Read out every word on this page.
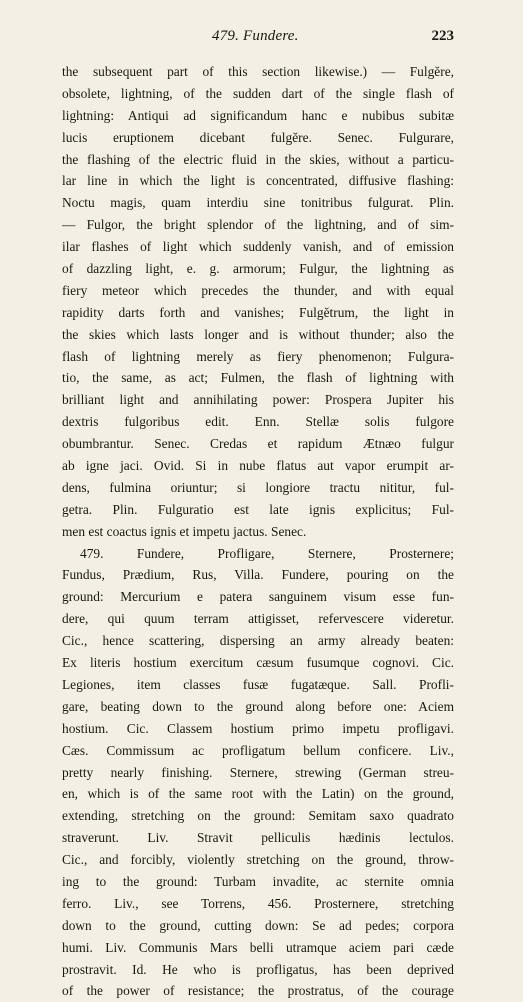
479. Fundere.	223
the subsequent part of this section likewise.) — Fulgĕre,
obsolete, lightning, of the sudden dart of the single flash of
lightning: Antiqui ad significandum hanc e nubibus subitæ
lucis eruptionem dicebant fulgĕre. Senec. Fulgurare,
the flashing of the electric fluid in the skies, without a particu-
lar line in which the light is concentrated, diffusive flashing:
Noctu magis, quam interdiu sine tonitribus fulgurat. Plin.
— Fulgor, the bright splendor of the lightning, and of sim-
ilar flashes of light which suddenly vanish, and of emission
of dazzling light, e. g. armorum; Fulgur, the lightning as
fiery meteor which precedes the thunder, and with equal
rapidity darts forth and vanishes; Fulgĕtrum, the light in
the skies which lasts longer and is without thunder; also the
flash of lightning merely as fiery phenomenon; Fulgura-
tio, the same, as act; Fulmen, the flash of lightning with
brilliant light and annihilating power: Prospera Jupiter his
dextris fulgoribus edit. Enn. Stellæ solis fulgore
obumbrantur. Senec. Credas et rapidum Ætnæo fulgur
ab igne jaci. Ovid. Si in nube flatus aut vapor erumpit ar-
dens, fulmina oriuntur; si longiore tractu nititur, ful-
getra. Plin. Fulguratio est late ignis explicitus; Ful-
men est coactus ignis et impetu jactus. Senec.
479. Fundere, Profligare, Sternere, Prosternere;
Fundus, Prædium, Rus, Villa. Fundere, pouring on the
ground: Mercurium e patera sanguinem visum esse fun-
dere, qui quum terram attigisset, refervescere videretur.
Cic., hence scattering, dispersing an army already beaten:
Ex literis hostium exercitum cæsum fusumque cognovi. Cic.
Legiones, item classes fusæ fugatæque. Sall. Profli-
gare, beating down to the ground along before one: Aciem
hostium. Cic. Classem hostium primo impetu profligavi.
Cæs. Commissum ac profligatum bellum conficere. Liv.,
pretty nearly finishing. Sternere, strewing (German streu-
en, which is of the same root with the Latin) on the ground,
extending, stretching on the ground: Semitam saxo quadrato
straverunt. Liv. Stravit pelliculis hædinis lectulos.
Cic., and forcibly, violently stretching on the ground, throw-
ing to the ground: Turbam invadite, ac sternite omnia
ferro. Liv., see Torrens, 456. Prosternere, stretching
down to the ground, cutting down: Se ad pedes; corpora
humi. Liv. Communis Mars belli utramque aciem pari cæde
prostravit. Id. He who is profligatus, has been deprived
of the power of resistance; the prostratus, of the courage
